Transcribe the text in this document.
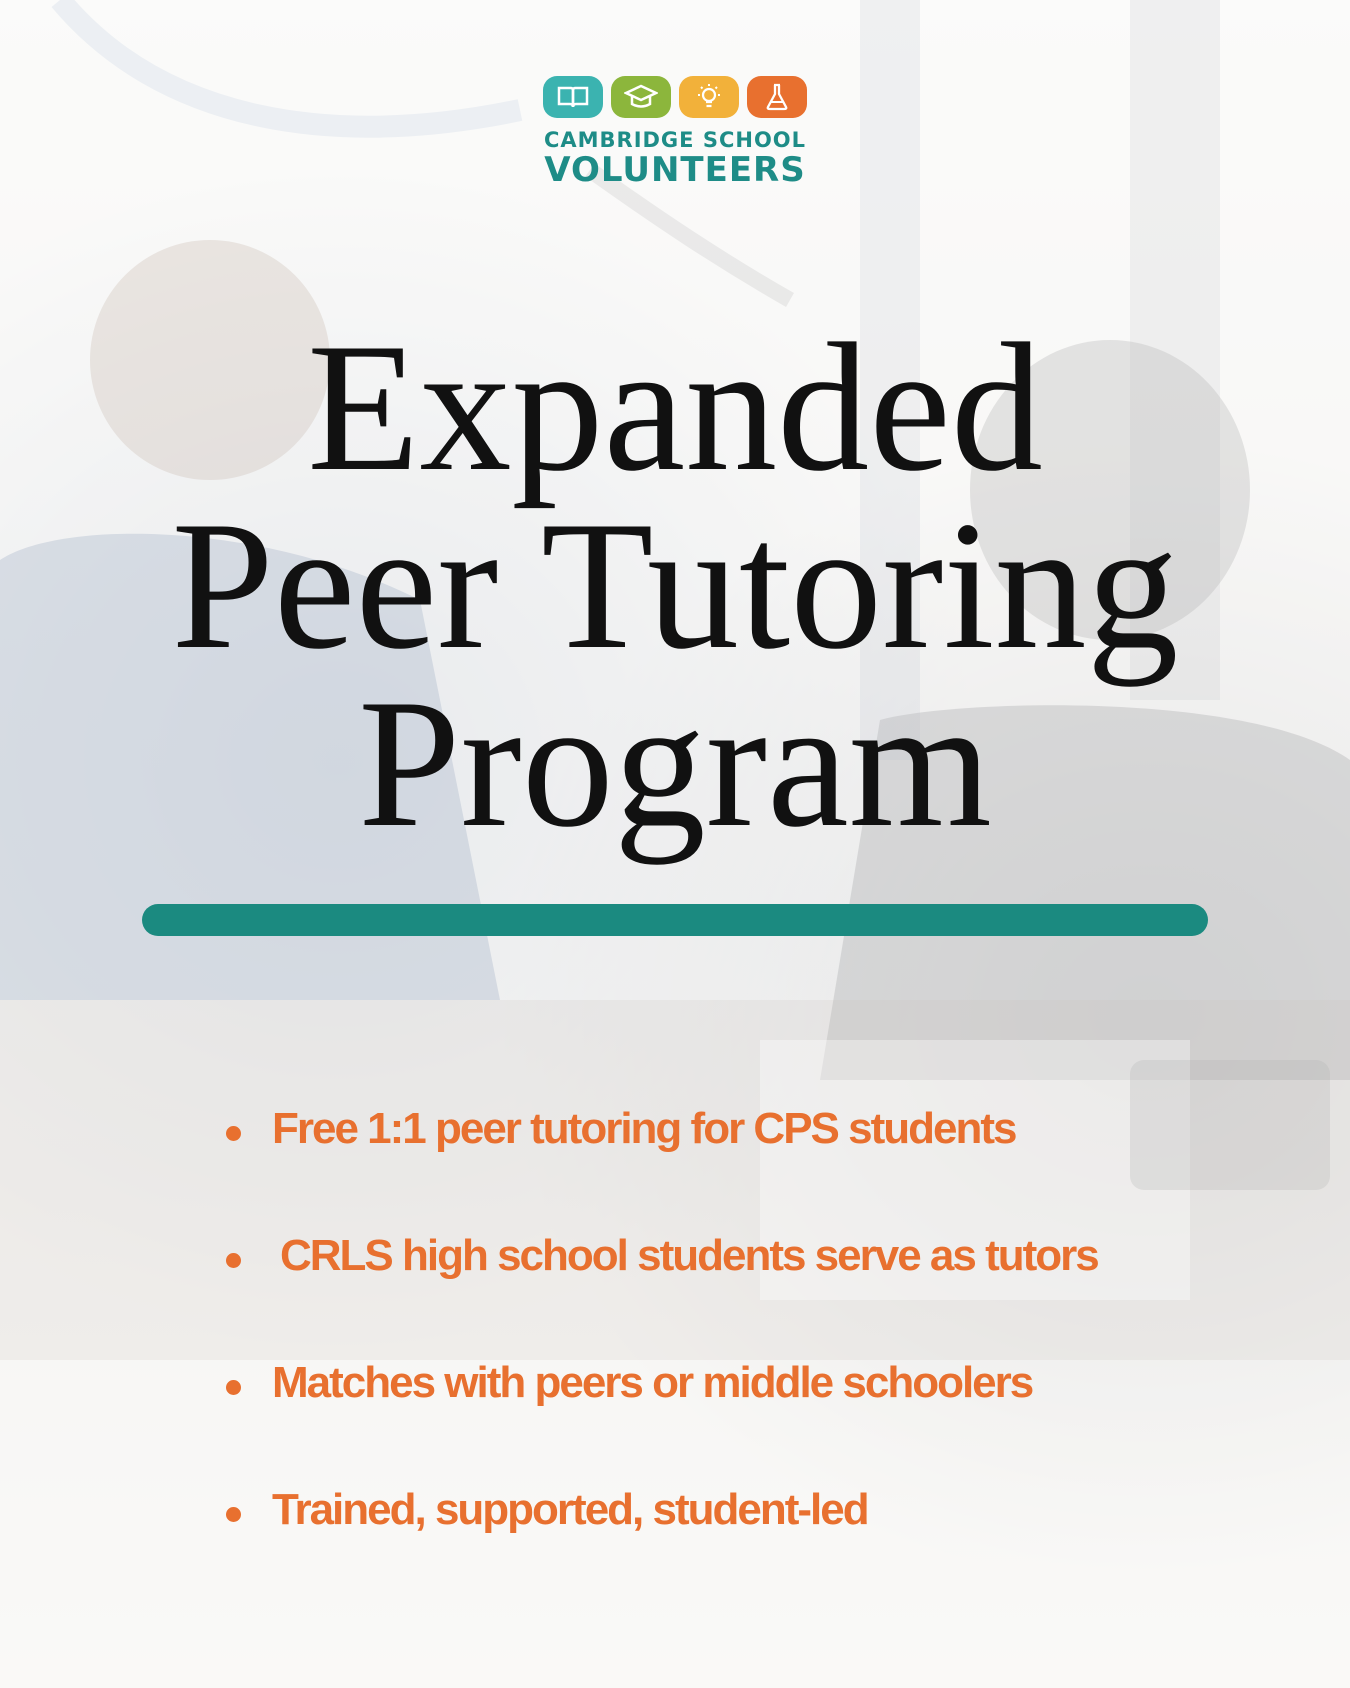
CAMBRIDGE SCHOOL
VOLUNTEERS
Expanded
Peer Tutoring
Program
Free 1:1 peer tutoring for CPS students
CRLS high school students serve as tutors
Matches with peers or middle schoolers
Trained, supported, student-led
